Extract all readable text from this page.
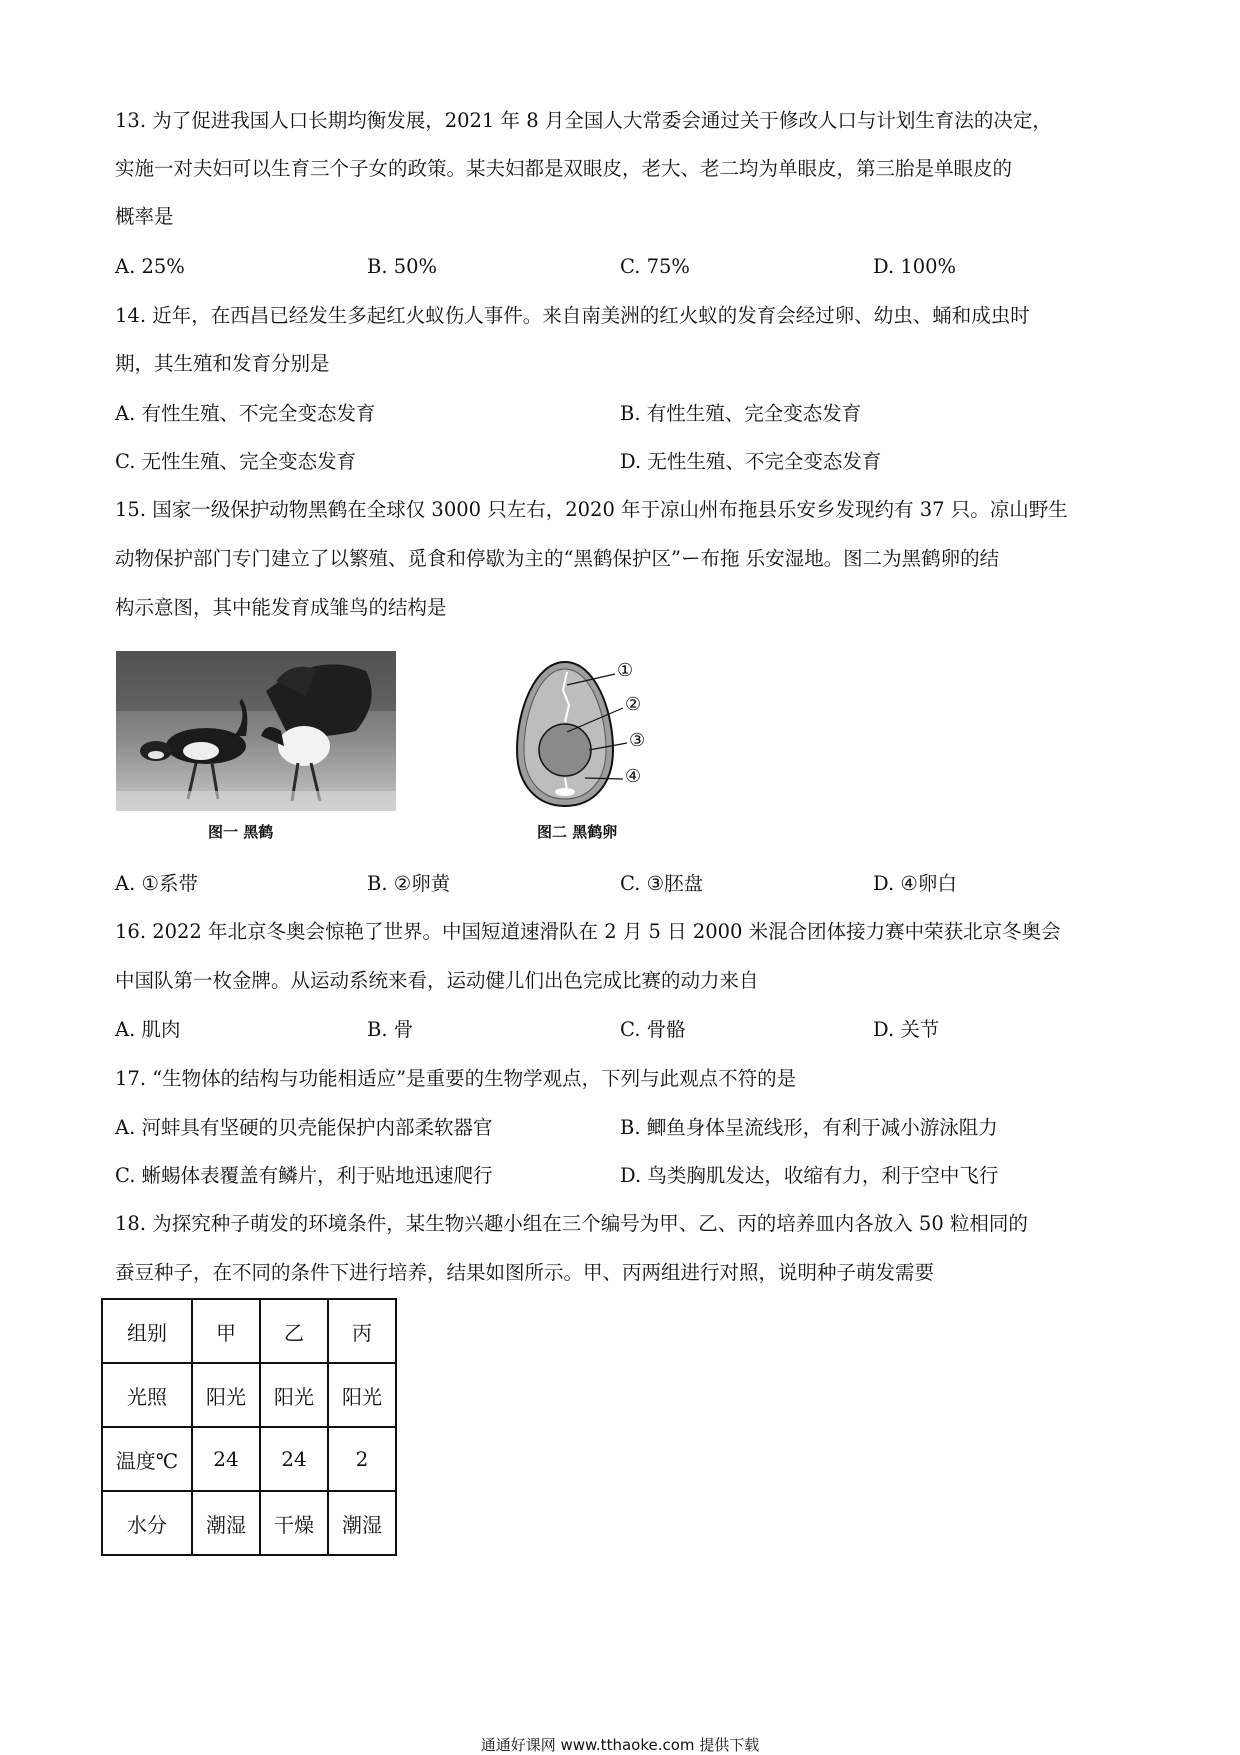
13. 为了促进我国人口长期均衡发展，2021 年 8 月全国人大常委会通过关于修改人口与计划生育法的决定，
实施一对夫妇可以生育三个子女的政策。某夫妇都是双眼皮，老大、老二均为单眼皮，第三胎是单眼皮的
概率是
A. 25%	B. 50%	C. 75%	D. 100%
14. 近年，在西昌已经发生多起红火蚁伤人事件。来自南美洲的红火蚁的发育会经过卵、幼虫、蛹和成虫时
期，其生殖和发育分别是
A. 有性生殖、不完全变态发育	B. 有性生殖、完全变态发育
C. 无性生殖、完全变态发育	D. 无性生殖、不完全变态发育
15. 国家一级保护动物黑鹤在全球仅 3000 只左右，2020 年于凉山州布拖县乐安乡发现约有 37 只。凉山野生
动物保护部门专门建立了以繁殖、觅食和停歇为主的“黑鹤保护区”ー布拖 乐安湿地。图二为黑鹤卵的结
构示意图，其中能发育成雏鸟的结构是
图一 黑鹤
①
②
③
④
图二 黑鹤卵
A. ①系带	B. ②卵黄	C. ③胚盘	D. ④卵白
16. 2022 年北京冬奥会惊艳了世界。中国短道速滑队在 2 月 5 日 2000 米混合团体接力赛中荣获北京冬奥会
中国队第一枚金牌。从运动系统来看，运动健儿们出色完成比赛的动力来自
A. 肌肉	B. 骨	C. 骨骼	D. 关节
17. “生物体的结构与功能相适应”是重要的生物学观点，下列与此观点不符的是
A. 河蚌具有坚硬的贝壳能保护内部柔软器官	B. 鲫鱼身体呈流线形，有利于减小游泳阻力
C. 蜥蜴体表覆盖有鳞片，利于贴地迅速爬行	D. 鸟类胸肌发达，收缩有力，利于空中飞行
18. 为探究种子萌发的环境条件，某生物兴趣小组在三个编号为甲、乙、丙的培养皿内各放入 50 粒相同的
蚕豆种子，在不同的条件下进行培养，结果如图所示。甲、丙两组进行对照，说明种子萌发需要
组别	甲	乙	丙
光照	阳光	阳光	阳光
温度℃	24	24	2
水分	潮湿	干燥	潮湿
通通好课网 www.tthaoke.com 提供下载
